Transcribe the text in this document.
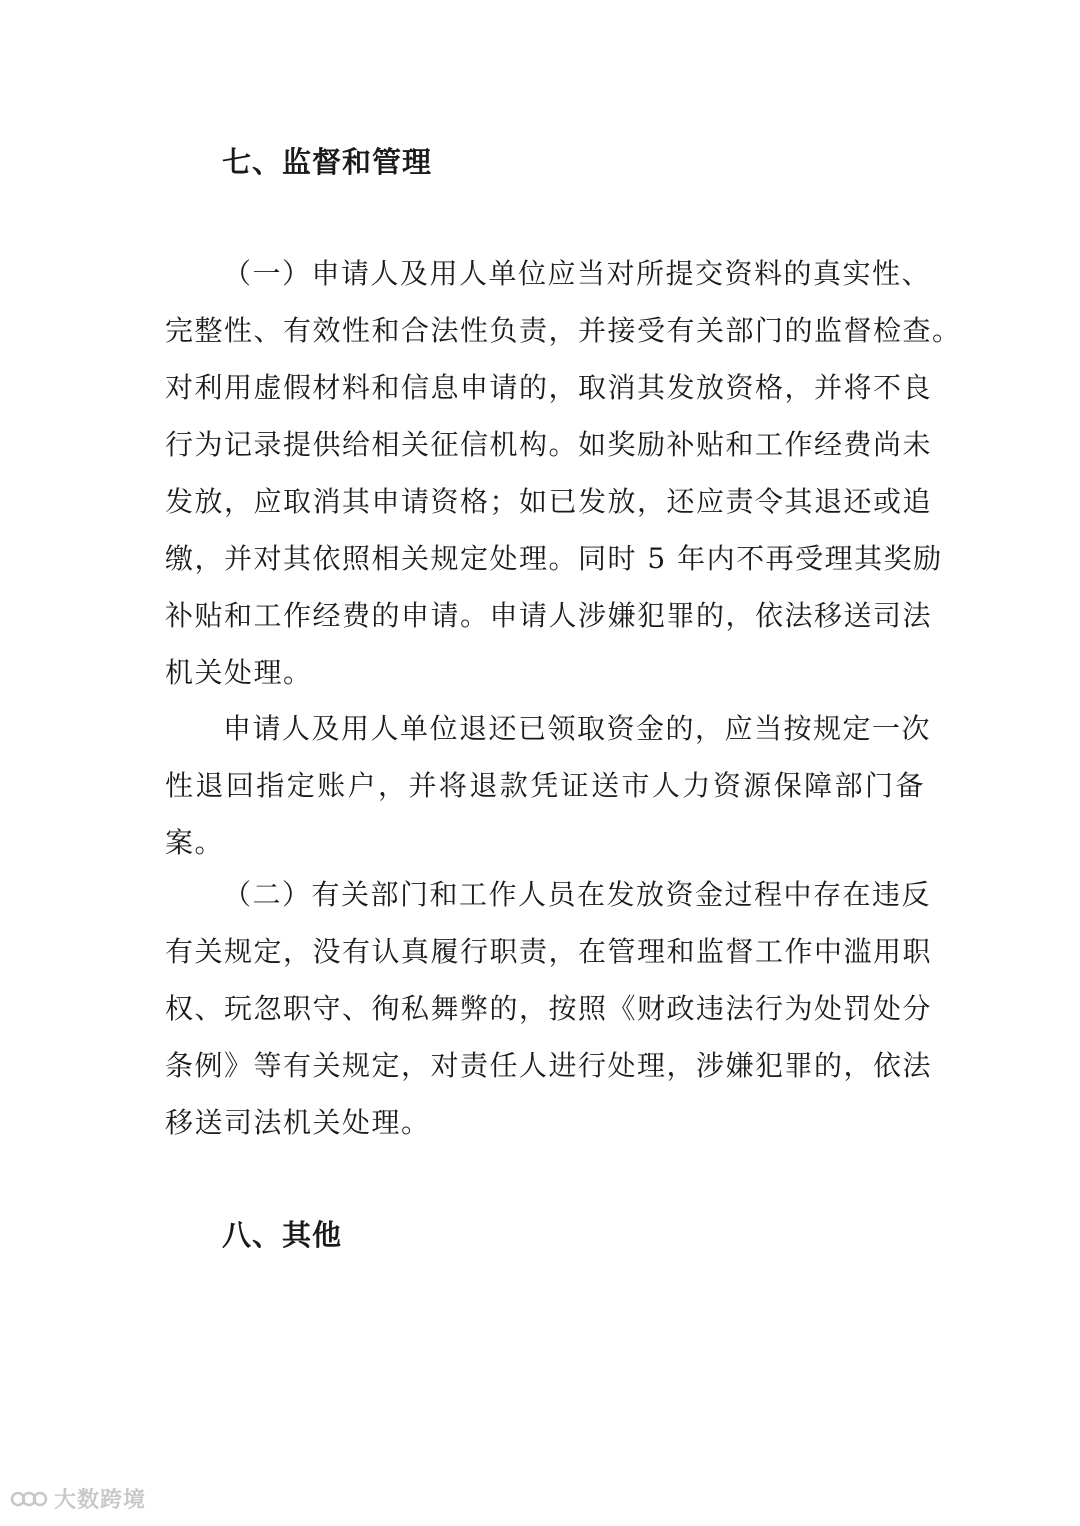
七、监督和管理
（一）申请人及用人单位应当对所提交资料的真实性、
完整性、有效性和合法性负责，并接受有关部门的监督检查。
对利用虚假材料和信息申请的，取消其发放资格，并将不良
行为记录提供给相关征信机构。如奖励补贴和工作经费尚未
发放，应取消其申请资格；如已发放，还应责令其退还或追
缴，并对其依照相关规定处理。同时 5 年内不再受理其奖励
补贴和工作经费的申请。申请人涉嫌犯罪的，依法移送司法
机关处理。
申请人及用人单位退还已领取资金的，应当按规定一次
性退回指定账户，并将退款凭证送市人力资源保障部门备
案。
（二）有关部门和工作人员在发放资金过程中存在违反
有关规定，没有认真履行职责，在管理和监督工作中滥用职
权、玩忽职守、徇私舞弊的，按照《财政违法行为处罚处分
条例》等有关规定，对责任人进行处理，涉嫌犯罪的，依法
移送司法机关处理。
八、其他
大数跨境
